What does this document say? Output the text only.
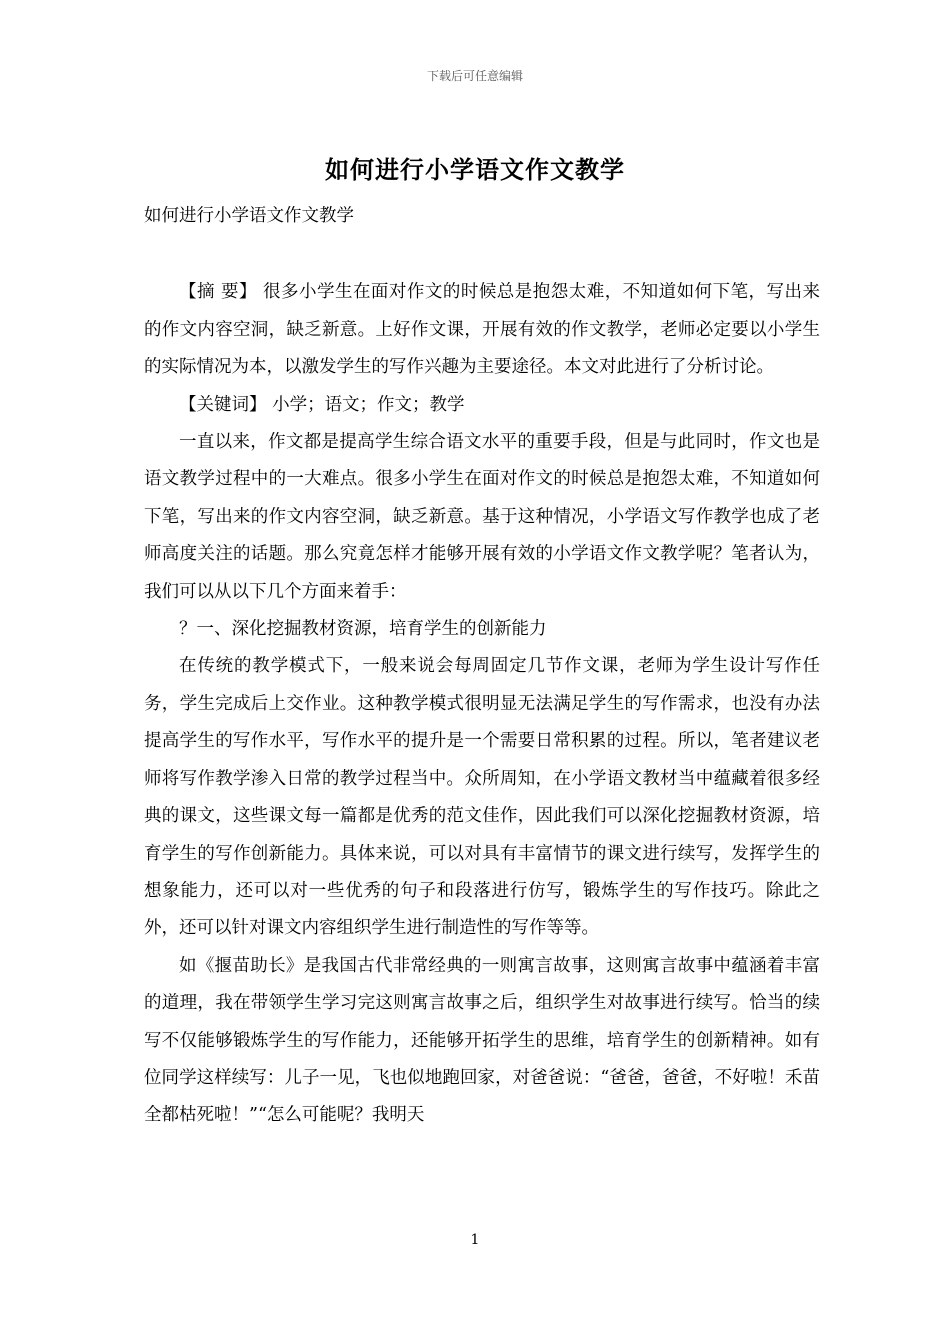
下载后可任意编辑
如何进行小学语文作文教学

如何进行小学语文作文教学

【摘 要】 很多小学生在面对作文的时候总是抱怨太难，不知道如何下笔，写出来的作文内容空洞，缺乏新意。上好作文课，开展有效的作文教学，老师必定要以小学生的实际情况为本，以激发学生的写作兴趣为主要途径。本文对此进行了分析讨论。

【关键词】 小学；语文；作文；教学

一直以来，作文都是提高学生综合语文水平的重要手段，但是与此同时，作文也是语文教学过程中的一大难点。很多小学生在面对作文的时候总是抱怨太难，不知道如何下笔，写出来的作文内容空洞，缺乏新意。基于这种情况，小学语文写作教学也成了老师高度关注的话题。那么究竟怎样才能够开展有效的小学语文作文教学呢？笔者认为，我们可以从以下几个方面来着手：

？一、深化挖掘教材资源，培育学生的创新能力

在传统的教学模式下，一般来说会每周固定几节作文课，老师为学生设计写作任务，学生完成后上交作业。这种教学模式很明显无法满足学生的写作需求，也没有办法提高学生的写作水平，写作水平的提升是一个需要日常积累的过程。所以，笔者建议老师将写作教学渗入日常的教学过程当中。众所周知，在小学语文教材当中蕴藏着很多经典的课文，这些课文每一篇都是优秀的范文佳作，因此我们可以深化挖掘教材资源，培育学生的写作创新能力。具体来说，可以对具有丰富情节的课文进行续写，发挥学生的想象能力，还可以对一些优秀的句子和段落进行仿写，锻炼学生的写作技巧。除此之外，还可以针对课文内容组织学生进行制造性的写作等等。

如《揠苗助长》是我国古代非常经典的一则寓言故事，这则寓言故事中蕴涵着丰富的道理，我在带领学生学习完这则寓言故事之后，组织学生对故事进行续写。恰当的续写不仅能够锻炼学生的写作能力，还能够开拓学生的思维，培育学生的创新精神。如有位同学这样续写：儿子一见，飞也似地跑回家，对爸爸说：“爸爸，爸爸，不好啦！禾苗全都枯死啦！”“怎么可能呢？我明天

1
